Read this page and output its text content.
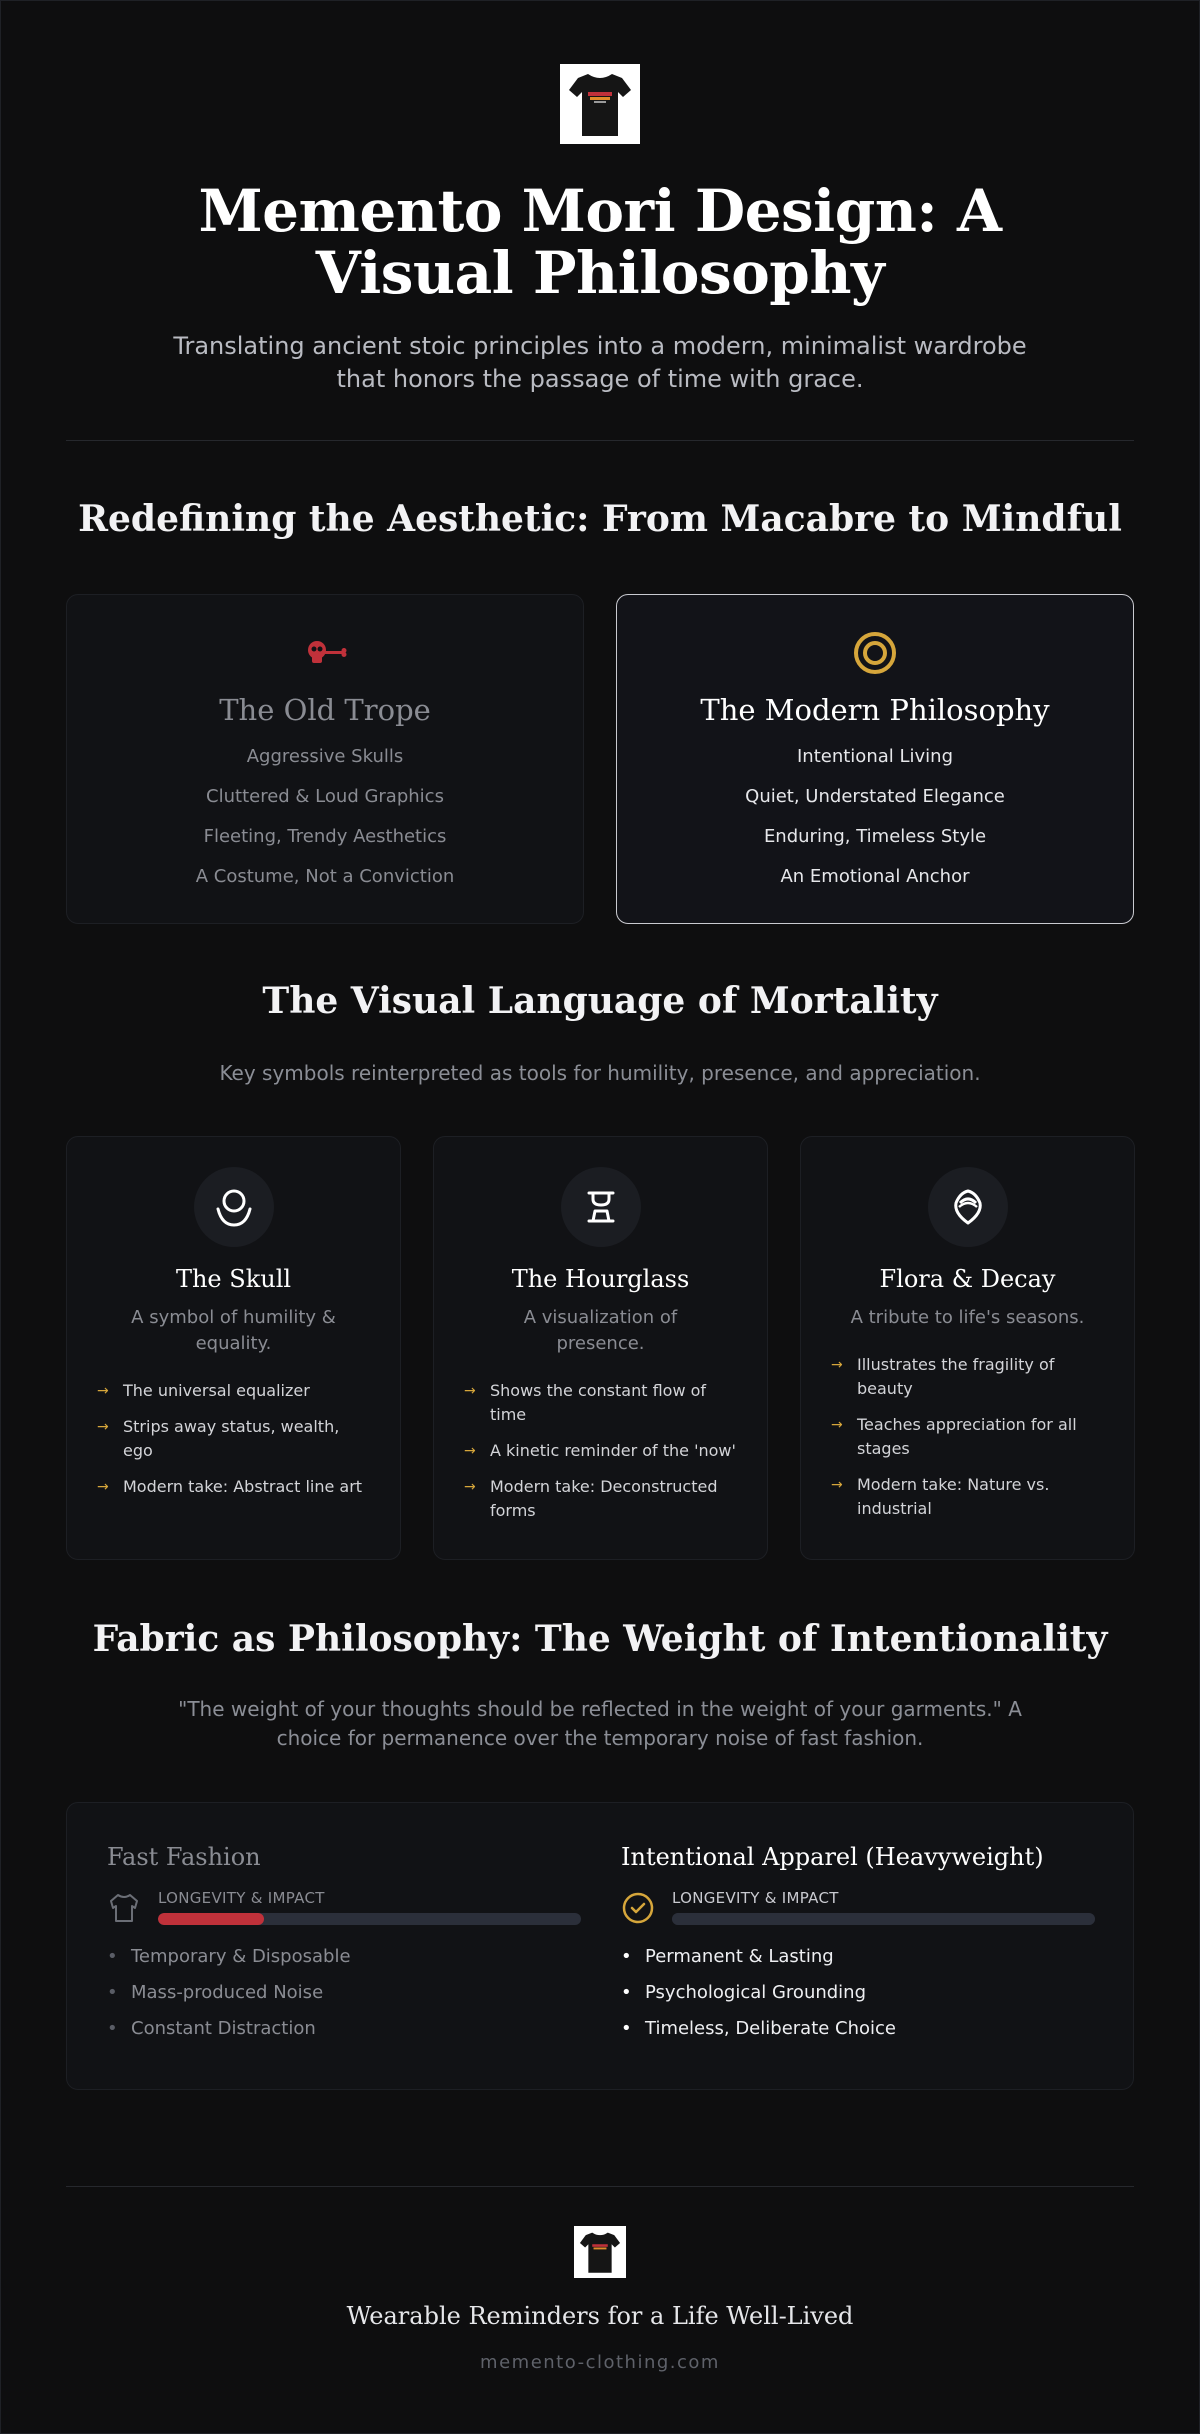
Memento Mori Design: A Visual Philosophy

Translating ancient stoic principles into a modern, minimalist wardrobe that honors the passage of time with grace.

Redefining the Aesthetic: From Macabre to Mindful
The Old Trope
Aggressive Skulls
Cluttered & Loud Graphics
Fleeting, Trendy Aesthetics
A Costume, Not a Conviction
The Modern Philosophy
Intentional Living
Quiet, Understated Elegance
Enduring, Timeless Style
An Emotional Anchor
The Visual Language of Mortality

Key symbols reinterpreted as tools for humility, presence, and appreciation.

The Skull
A symbol of humility & equality.
→ The universal equalizer
→ Strips away status, wealth, ego
→ Modern take: Abstract line art
The Hourglass
A visualization of presence.
→ Shows the constant flow of time
→ A kinetic reminder of the 'now'
→ Modern take: Deconstructed forms
Flora & Decay
A tribute to life's seasons.
→ Illustrates the fragility of beauty
→ Teaches appreciation for all stages
→ Modern take: Nature vs. industrial
Fabric as Philosophy: The Weight of Intentionality

"The weight of your thoughts should be reflected in the weight of your garments." A choice for permanence over the temporary noise of fast fashion.

Fast Fashion
LONGEVITY & IMPACT
• Temporary & Disposable
• Mass-produced Noise
• Constant Distraction
Intentional Apparel (Heavyweight)
LONGEVITY & IMPACT
• Permanent & Lasting
• Psychological Grounding
• Timeless, Deliberate Choice
Wearable Reminders for a Life Well-Lived
memento-clothing.com
